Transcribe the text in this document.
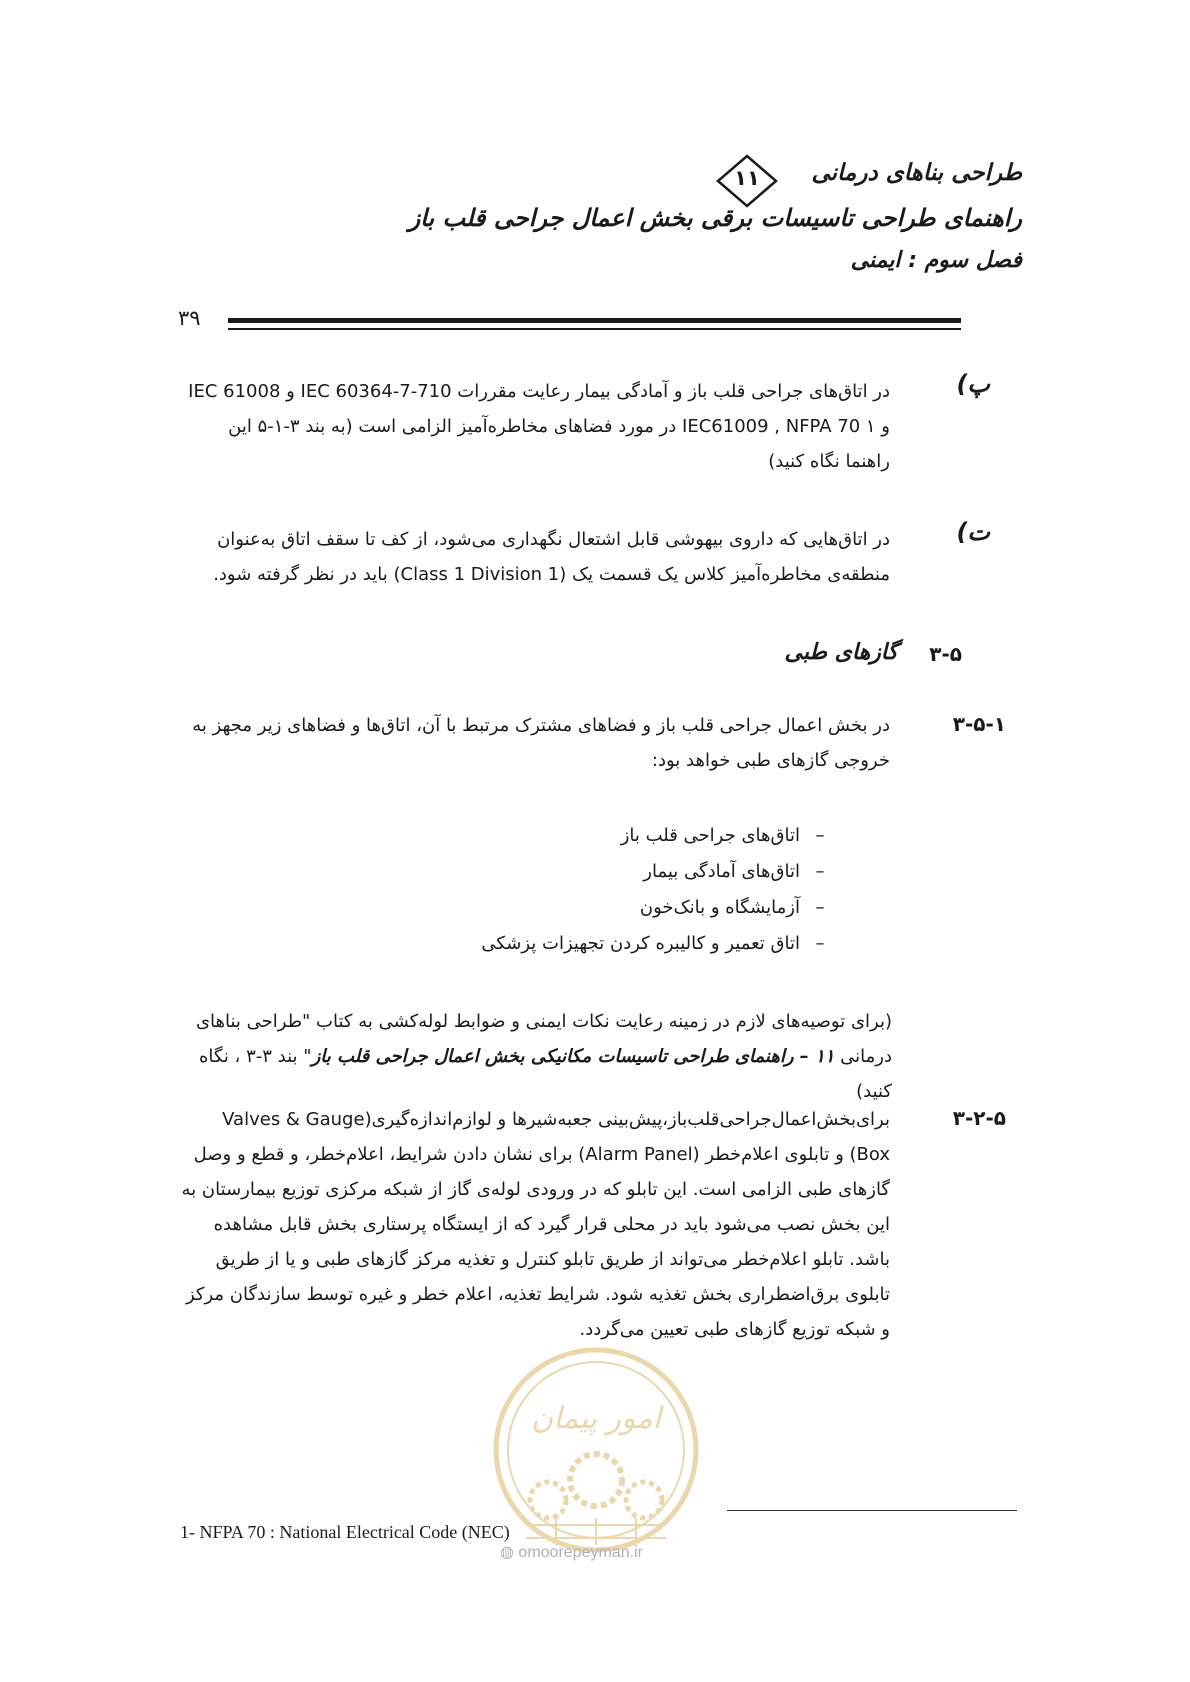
طراحی بناهای درمانی
۱۱
راهنمای طراحی تاسیسات برقی بخش اعمال جراحی قلب باز
فصل سوم : ایمنی
۳۹
پ)
در اتاق‌های جراحی قلب باز و آمادگی بیمار رعایت مقررات IEC 60364-7-710 و IEC 61008 و IEC61009 , NFPA 70 ۱ در مورد فضاهای مخاطره‌آمیز الزامی است (به بند ۳-۱-۵ این راهنما نگاه کنید)
ت)
در اتاق‌هایی که داروی بیهوشی قابل اشتعال نگهداری می‌شود، از کف تا سقف اتاق به‌عنوان منطقه‌ی مخاطره‌آمیز کلاس یک قسمت یک (Class 1 Division 1) باید در نظر گرفته شود.
۳-۵
گازهای طبی
۳-۵-۱
در بخش اعمال جراحی قلب باز و فضاهای مشترک مرتبط با آن، اتاق‌ها و فضاهای زیر مجهز به خروجی گازهای طبی خواهد بود:
–
اتاق‌های جراحی قلب باز
–
اتاق‌های آمادگی بیمار
–
آزمایشگاه و بانک‌خون
–
اتاق تعمیر و کالیبره کردن تجهیزات پزشکی
(برای توصیه‌های لازم در زمینه رعایت نکات ایمنی و ضوابط لوله‌کشی به کتاب "طراحی بناهای درمانی ۱۱ – راهنمای طراحی تاسیسات مکانیکی بخش اعمال جراحی قلب باز" بند ۳-۳ ، نگاه کنید)
۳-۲-۵
برای‌بخش‌اعمال‌جراحی‌قلب‌باز،پیش‌بینی جعبه‌شیرها و لوازم‌اندازه‌گیری(Valves & Gauge Box) و تابلوی اعلام‌خطر (Alarm Panel) برای نشان دادن شرایط، اعلام‌خطر، و قطع و وصل گازهای طبی الزامی است. این تابلو که در ورودی لوله‌ی گاز از شبکه مرکزی توزیع بیمارستان به این بخش نصب می‌شود باید در محلی قرار گیرد که از ایستگاه پرستاری بخش قابل مشاهده باشد. تابلو اعلام‌خطر می‌تواند از طریق تابلو کنترل و تغذیه مرکز گازهای طبی و یا از طریق تابلوی برق‌اضطراری بخش تغذیه شود. شرایط تغذیه، اعلام خطر و غیره توسط سازندگان مرکز و شبکه توزیع گازهای طبی تعیین می‌گردد.
امور پیمان
◍ omoorepeyman.ir
1- NFPA 70 : National Electrical Code (NEC)
